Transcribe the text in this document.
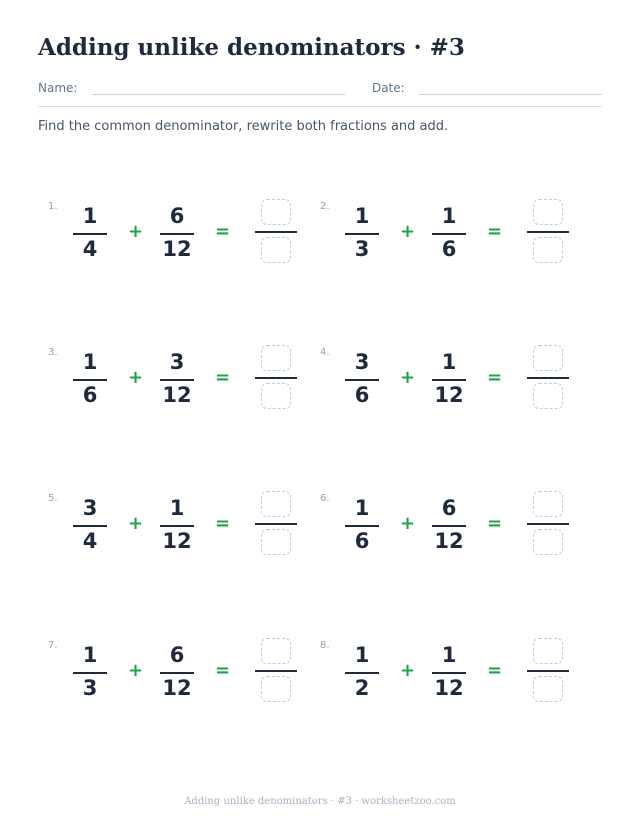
Adding unlike denominators · #3
Name:	Date:
Find the common denominator, rewrite both fractions and add.
1.	1
4
+
6
12
=
2.	1
3
+
1
6
=
3.	1
6
+
3
12
=
4.	3
6
+
1
12
=
5.	3
4
+
1
12
=
6.	1
6
+
6
12
=
7.	1
3
+
6
12
=
8.	1
2
+
1
12
=
Adding unlike denominators · #3 · worksheetzoo.com
